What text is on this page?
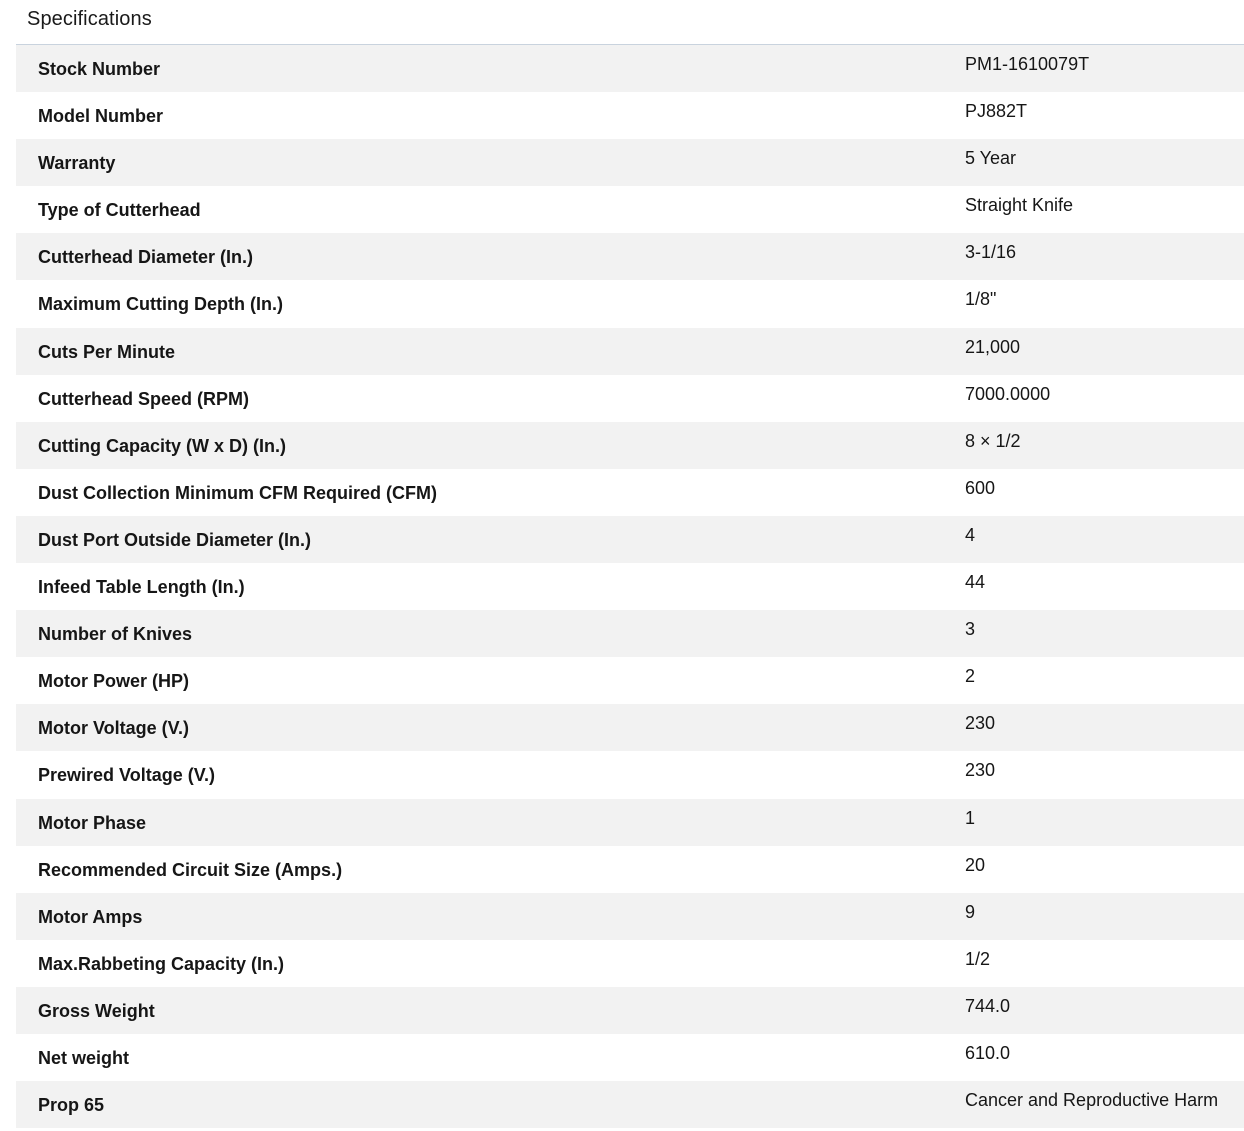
Specifications
Stock Number	PM1-1610079T
Model Number	PJ882T
Warranty	5 Year
Type of Cutterhead	Straight Knife
Cutterhead Diameter (In.)	3-1/16
Maximum Cutting Depth (In.)	1/8"
Cuts Per Minute	21,000
Cutterhead Speed (RPM)	7000.0000
Cutting Capacity (W x D) (In.)	8 × 1/2
Dust Collection Minimum CFM Required (CFM)	600
Dust Port Outside Diameter (In.)	4
Infeed Table Length (In.)	44
Number of Knives	3
Motor Power (HP)	2
Motor Voltage (V.)	230
Prewired Voltage (V.)	230
Motor Phase	1
Recommended Circuit Size (Amps.)	20
Motor Amps	9
Max.Rabbeting Capacity (In.)	1/2
Gross Weight	744.0
Net weight	610.0
Prop 65	Cancer and Reproductive Harm
